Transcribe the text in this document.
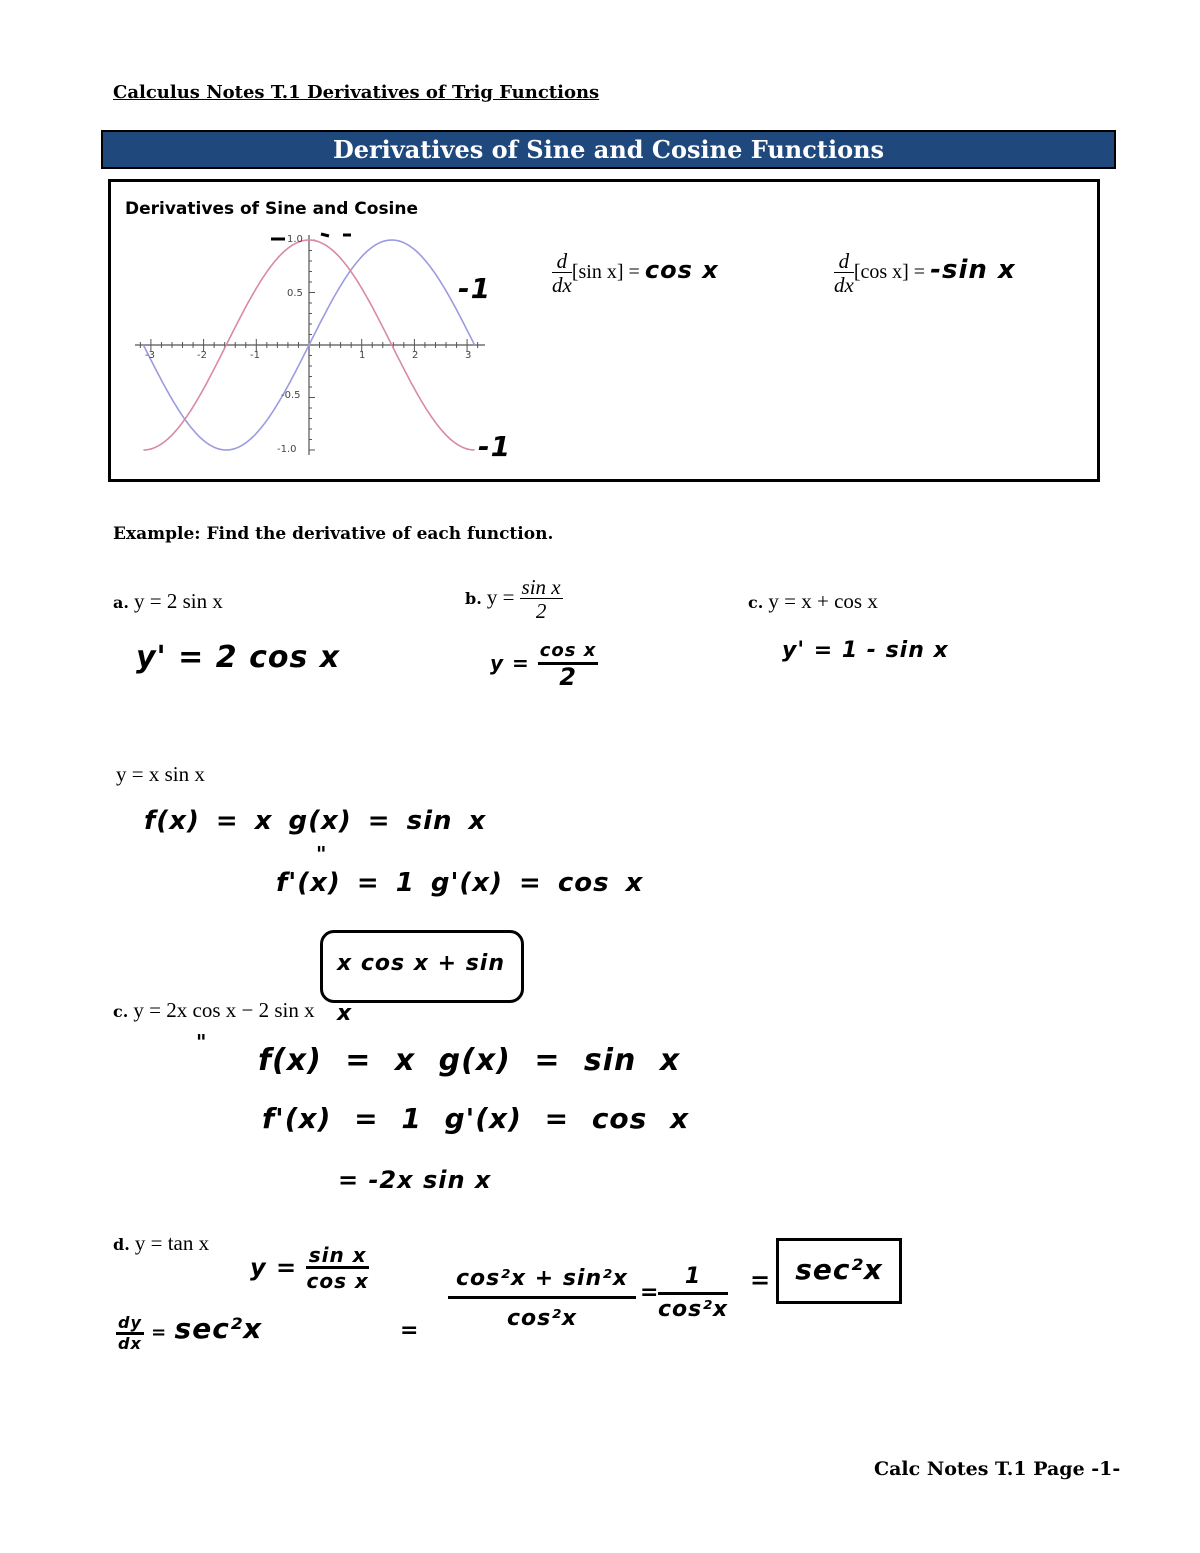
Calculus Notes T.1 Derivatives of Trig Functions
Derivatives of Sine and Cosine Functions
Derivatives of Sine and Cosine
1.0
0.5
-0.5
-1.0
-3	-2	-1	1	2	3
-1
-1
$\frac{d}{dx} [\sin$ x] = cos x	$\frac{d}{dx} [\cos$ x] = -sin x
Example: Find the derivative of each function.
a. y = 2 sin x
y' = 2 cos x
b. $y = \frac{\text{sin x}}{2}$
$y = \frac{\text{cos x}}{2}$
c. y = x + cos x
y' = 1 - sin x
y = x sin x
f(x) = x g(x) = sin x
"
f'(x) = 1 g'(x) = cos x
x cos x + sin x
c. y = 2x cos x − 2 sin x
"
f(x) = x g(x) = sin x
f'(x) = 1 g'(x) = cos x
= -2x sin x
d. y = tan x
$y = \frac{\text{sin x}}{\text{cos x}}$
$\frac{dy}{dx} = \sec^2x$	= $\frac{\text{cos²x + sin²x}}{\text{cos²x}}$ =
$\frac{1}{\text{cos²x}} = \sec^2x$
Calc Notes T.1 Page -1-
